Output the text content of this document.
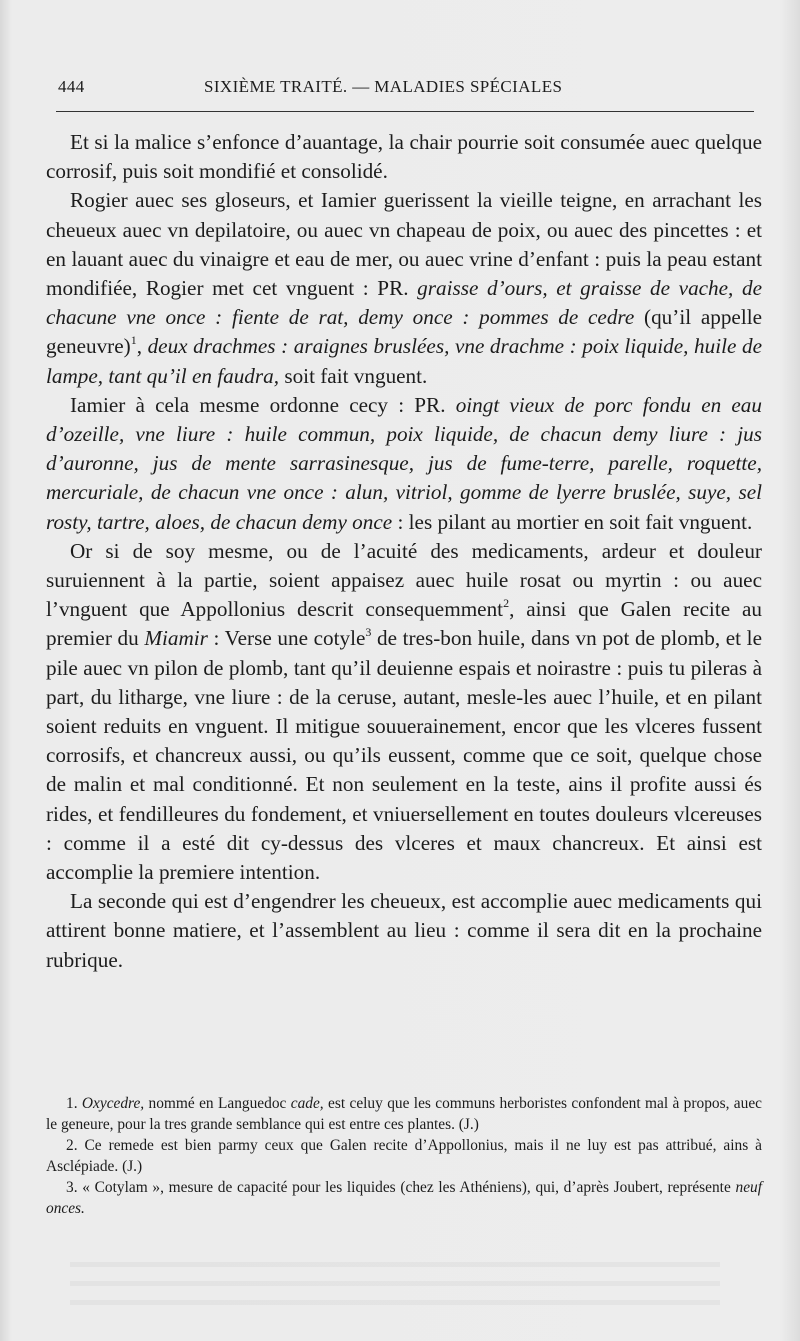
444	SIXIÈME TRAITÉ. — MALADIES SPÉCIALES

Et si la malice s’enfonce d’auantage, la chair pourrie soit consumée auec quelque corrosif, puis soit mondifié et consolidé.

Rogier auec ses gloseurs, et Iamier guerissent la vieille teigne, en arrachant les cheueux auec vn depilatoire, ou auec vn chapeau de poix, ou auec des pincettes : et en lauant auec du vinaigre et eau de mer, ou auec vrine d’enfant : puis la peau estant mondifiée, Rogier met cet vnguent : PR. graisse d’ours, et graisse de vache, de chacune vne once : fiente de rat, demy once : pommes de cedre (qu’il appelle geneuvre)$^1$, deux drachmes : araignes bruslées, vne drachme : poix liquide, huile de lampe, tant qu’il en faudra, soit fait vnguent.

Iamier à cela mesme ordonne cecy : PR. oingt vieux de porc fondu en eau d’ozeille, vne liure : huile commun, poix liquide, de chacun demy liure : jus d’auronne, jus de mente sarrasinesque, jus de fume-terre, parelle, roquette, mercuriale, de chacun vne once : alun, vitriol, gomme de lyerre bruslée, suye, sel rosty, tartre, aloes, de chacun demy once : les pilant au mortier en soit fait vnguent.

Or si de soy mesme, ou de l’acuité des medicaments, ardeur et douleur suruiennent à la partie, soient appaisez auec huile rosat ou myrtin : ou auec l’vnguent que Appollonius descrit consequemment$^2$, ainsi que Galen recite au premier du Miamir : Verse une cotyle$^3$ de tres-bon huile, dans vn pot de plomb, et le pile auec vn pilon de plomb, tant qu’il deuienne espais et noirastre : puis tu pileras à part, du litharge, vne liure : de la ceruse, autant, mesle-les auec l’huile, et en pilant soient reduits en vnguent. Il mitigue souuerainement, encor que les vlceres fussent corrosifs, et chancreux aussi, ou qu’ils eussent, comme que ce soit, quelque chose de malin et mal conditionné. Et non seulement en la teste, ains il profite aussi és rides, et fendilleures du fondement, et vniuersellement en toutes douleurs vlcereuses : comme il a esté dit cy-dessus des vlceres et maux chancreux. Et ainsi est accomplie la premiere intention.

La seconde qui est d’engendrer les cheueux, est accomplie auec medicaments qui attirent bonne matiere, et l’assemblent au lieu : comme il sera dit en la prochaine rubrique.

1. Oxycedre, nommé en Languedoc cade, est celuy que les communs herboristes confondent mal à propos, auec le geneure, pour la tres grande semblance qui est entre ces plantes. (J.)

2. Ce remede est bien parmy ceux que Galen recite d’Appollonius, mais il ne luy est pas attribué, ains à Asclépiade. (J.)

3. « Cotylam », mesure de capacité pour les liquides (chez les Athéniens), qui, d’après Joubert, représente neuf onces.
